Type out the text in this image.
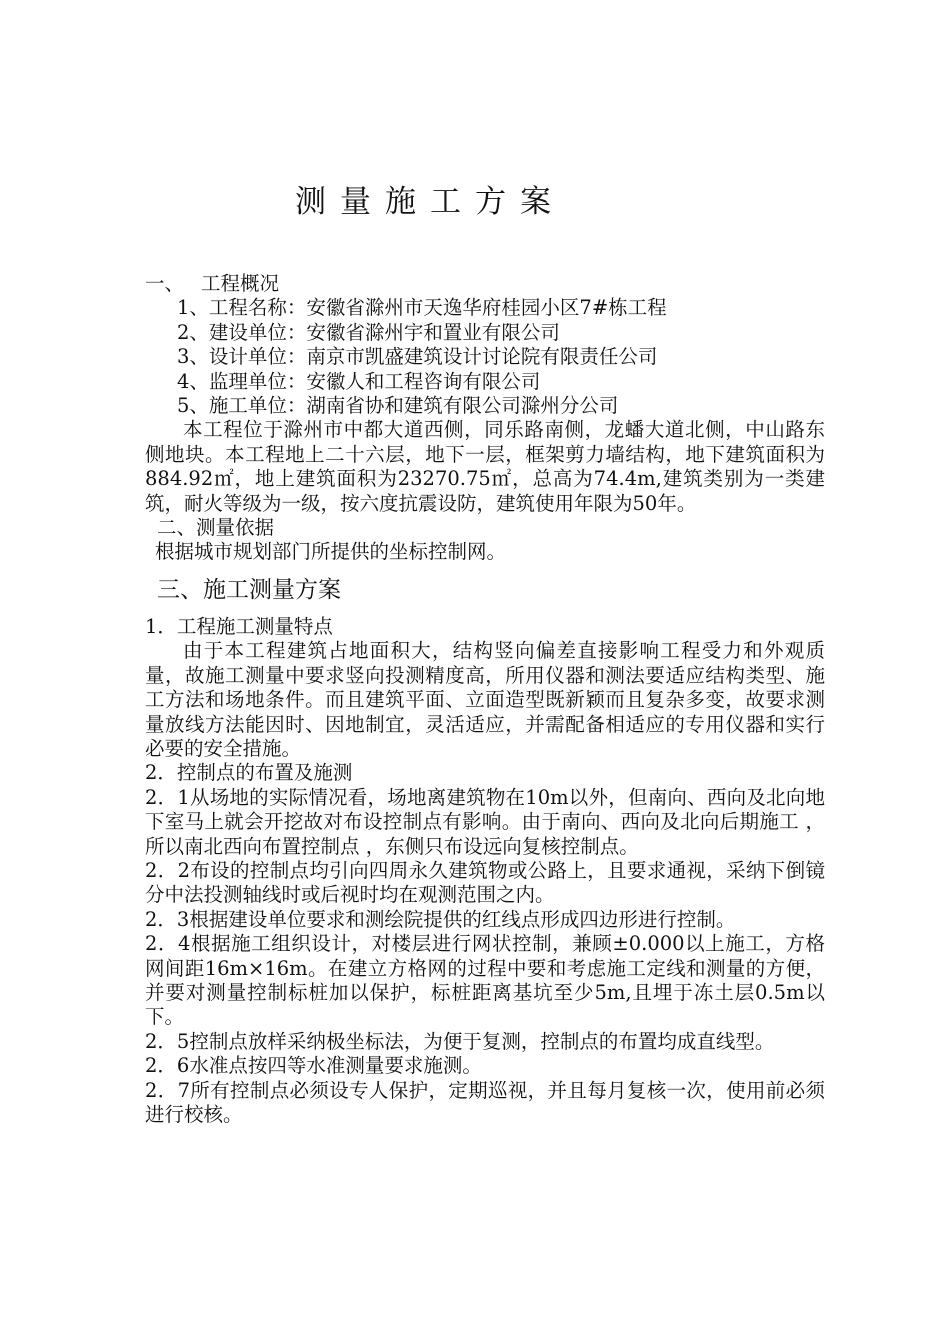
测量施工方案

一、 工程概况

1、工程名称：安徽省滁州市天逸华府桂园小区7#栋工程

2、建设单位：安徽省滁州宇和置业有限公司

3、设计单位：南京市凯盛建筑设计讨论院有限责任公司

4、监理单位：安徽人和工程咨询有限公司

5、施工单位：湖南省协和建筑有限公司滁州分公司

本工程位于滁州市中都大道西侧，同乐路南侧，龙蟠大道北侧，中山路东侧地块。本工程地上二十六层，地下一层，框架剪力墙结构，地下建筑面积为884.92㎡，地上建筑面积为23270.75㎡，总高为74.4m,建筑类别为一类建筑，耐火等级为一级，按六度抗震设防，建筑使用年限为50年。

二、测量依据

根据城市规划部门所提供的坐标控制网。

三、施工测量方案

1．工程施工测量特点

由于本工程建筑占地面积大，结构竖向偏差直接影响工程受力和外观质量，故施工测量中要求竖向投测精度高，所用仪器和测法要适应结构类型、施工方法和场地条件。而且建筑平面、立面造型既新颖而且复杂多变，故要求测量放线方法能因时、因地制宜，灵活适应，并需配备相适应的专用仪器和实行必要的安全措施。

2．控制点的布置及施测

2．1从场地的实际情况看，场地离建筑物在10m以外，但南向、西向及北向地下室马上就会开挖故对布设控制点有影响。由于南向、西向及北向后期施工 ，所以南北西向布置控制点 ，东侧只布设远向复核控制点。

2．2布设的控制点均引向四周永久建筑物或公路上，且要求通视，采纳下倒镜分中法投测轴线时或后视时均在观测范围之内。

2．3根据建设单位要求和测绘院提供的红线点形成四边形进行控制。

2．4根据施工组织设计，对楼层进行网状控制，兼顾±0.000以上施工，方格网间距16m×16m。在建立方格网的过程中要和考虑施工定线和测量的方便，并要对测量控制标桩加以保护，标桩距离基坑至少5m,且埋于冻土层0.5m以下。

2．5控制点放样采纳极坐标法，为便于复测，控制点的布置均成直线型。

2．6水准点按四等水准测量要求施测。

2．7所有控制点必须设专人保护，定期巡视，并且每月复核一次，使用前必须进行校核。
